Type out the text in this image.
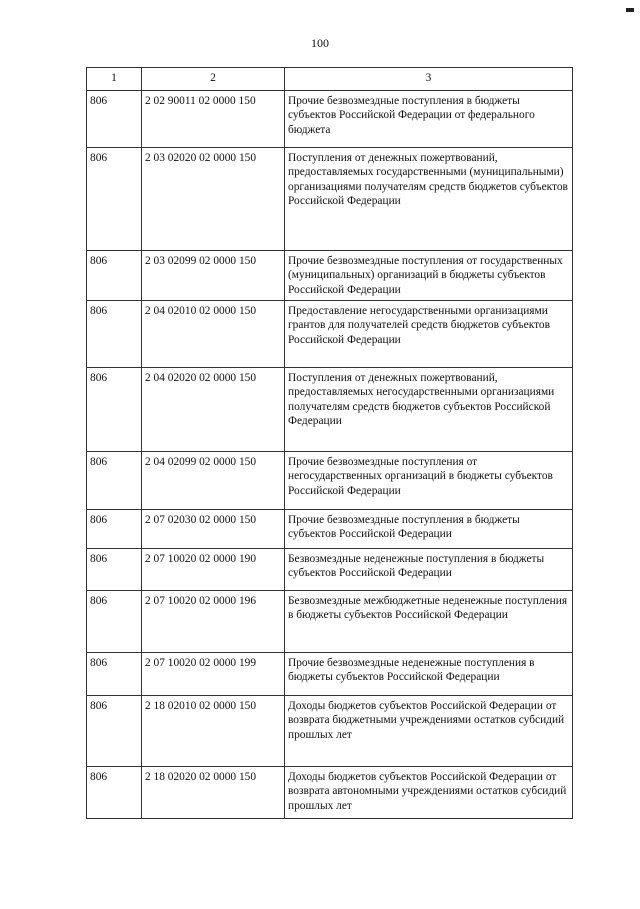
100
1	2	3
806	2 02 90011 02 0000 150	Прочие безвозмездные поступления в бюджеты субъектов Российской Федерации от федерального бюджета
806	2 03 02020 02 0000 150	Поступления от денежных пожертвований, предоставляемых государственными (муниципальными) организациями получателям средств бюджетов субъектов Российской Федерации
806	2 03 02099 02 0000 150	Прочие безвозмездные поступления от государственных (муниципальных) организаций в бюджеты субъектов Российской Федерации
806	2 04 02010 02 0000 150	Предоставление негосударственными организациями грантов для получателей средств бюджетов субъектов Российской Федерации
806	2 04 02020 02 0000 150	Поступления от денежных пожертвований, предоставляемых негосударственными организациями получателям средств бюджетов субъектов Российской Федерации
806	2 04 02099 02 0000 150	Прочие безвозмездные поступления от негосударственных организаций в бюджеты субъектов Российской Федерации
806	2 07 02030 02 0000 150	Прочие безвозмездные поступления в бюджеты субъектов Российской Федерации
806	2 07 10020 02 0000 190	Безвозмездные неденежные поступления в бюджеты субъектов Российской Федерации
806	2 07 10020 02 0000 196	Безвозмездные межбюджетные неденежные поступления в бюджеты субъектов Российской Федерации
806	2 07 10020 02 0000 199	Прочие безвозмездные неденежные поступления в бюджеты субъектов Российской Федерации
806	2 18 02010 02 0000 150	Доходы бюджетов субъектов Российской Федерации от возврата бюджетными учреждениями остатков субсидий прошлых лет
806	2 18 02020 02 0000 150	Доходы бюджетов субъектов Российской Федерации от возврата автономными учреждениями остатков субсидий прошлых лет
